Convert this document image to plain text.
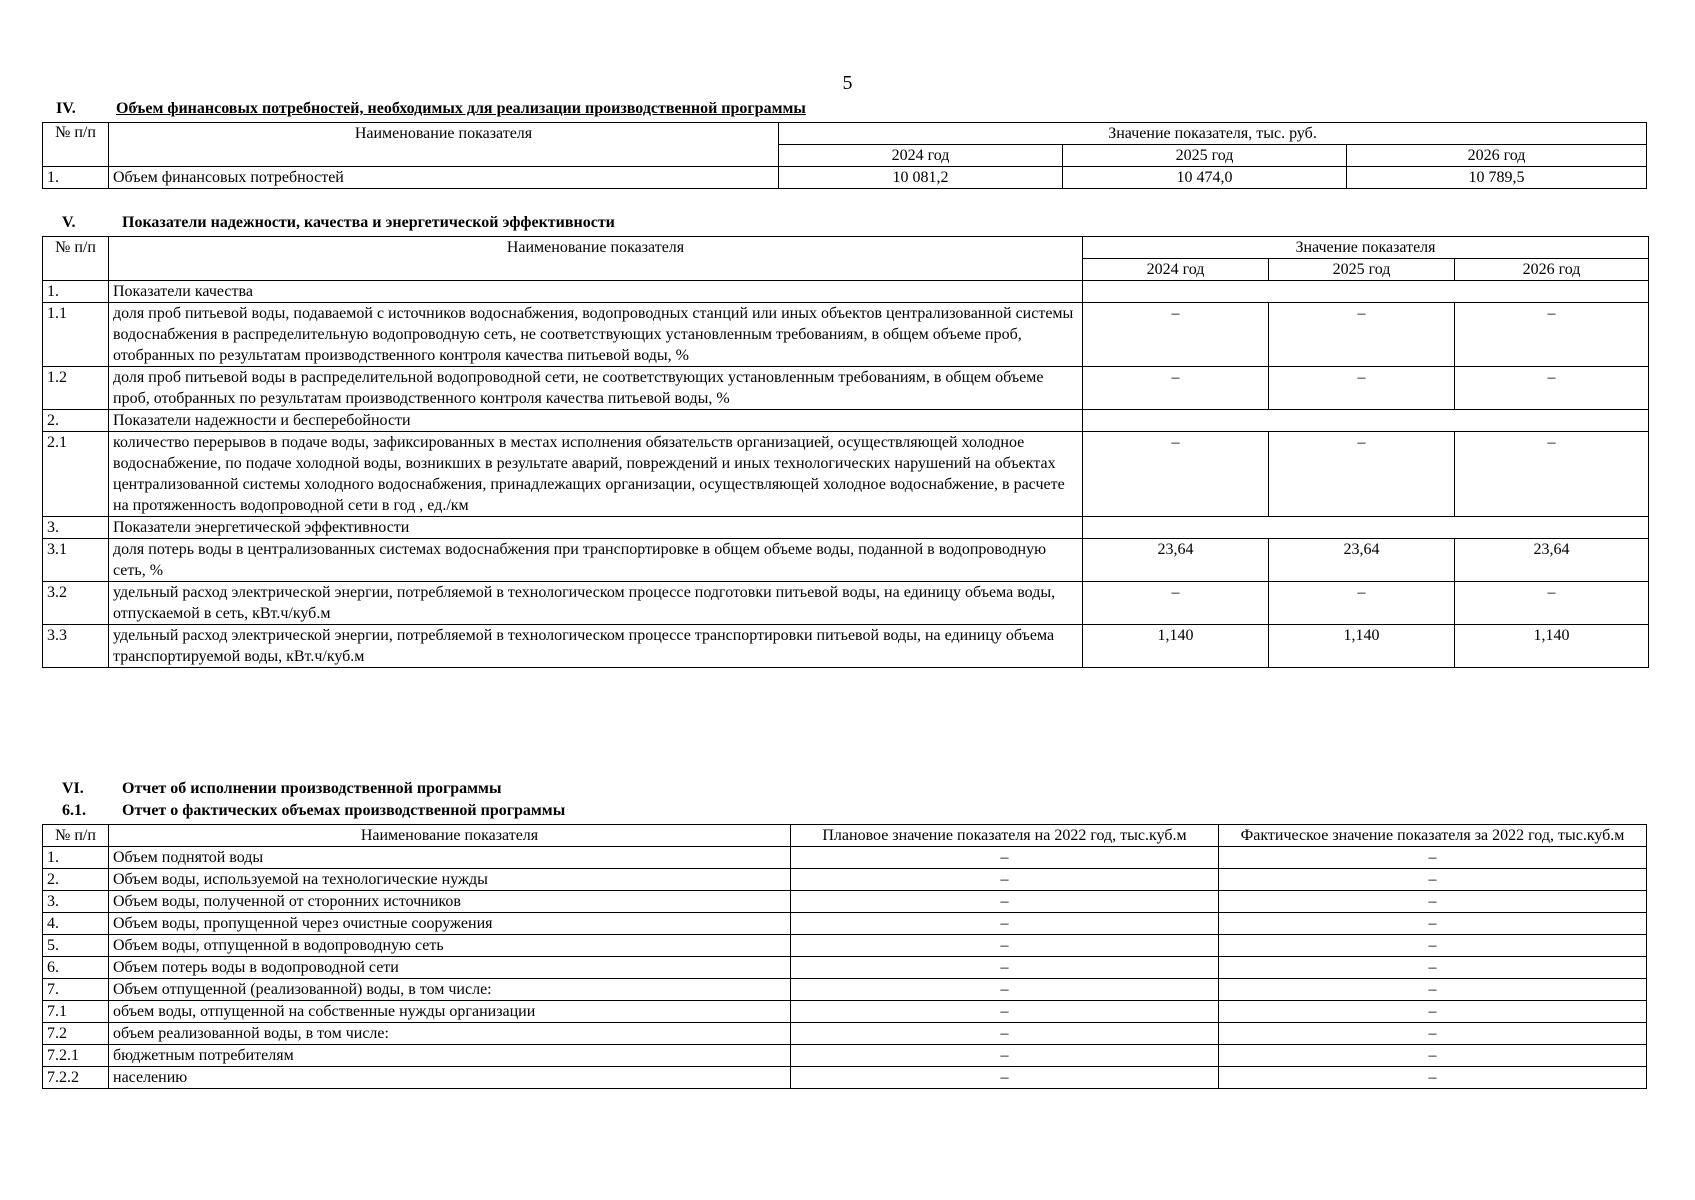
5
IV.	Объем финансовых потребностей, необходимых для реализации производственной программы
№ п/п	Наименование показателя	Значение показателя, тыс. руб.		
		2024 год	2025 год	2026 год
1.	Объем финансовых потребностей	10 081,2	10 474,0	10 789,5
V.	Показатели надежности, качества и энергетической эффективности
№ п/п	Наименование показателя	Значение показателя		
		2024 год	2025 год	2026 год
1.	Показатели качества			
1.1	доля проб питьевой воды, подаваемой с источников водоснабжения, водопроводных станций или иных объектов централизованной системы водоснабжения в распределительную водопроводную сеть, не соответствующих установленным требованиям, в общем объеме проб, отобранных по результатам производственного контроля качества питьевой воды, %	–	–	–
1.2	доля проб питьевой воды в распределительной водопроводной сети, не соответствующих установленным требованиям, в общем объеме проб, отобранных по результатам производственного контроля качества питьевой воды, %	–	–	–
2.	Показатели надежности и бесперебойности			
2.1	количество перерывов в подаче воды, зафиксированных в местах исполнения обязательств организацией, осуществляющей холодное водоснабжение, по подаче холодной воды, возникших в результате аварий, повреждений и иных технологических нарушений на объектах централизованной системы холодного водоснабжения, принадлежащих организации, осуществляющей холодное водоснабжение, в расчете на протяженность водопроводной сети в год , ед./км	–	–	–
3.	Показатели энергетической эффективности			
3.1	доля потерь воды в централизованных системах водоснабжения при транспортировке в общем объеме воды, поданной в водопроводную сеть, %	23,64	23,64	23,64
3.2	удельный расход электрической энергии, потребляемой в технологическом процессе подготовки питьевой воды, на единицу объема воды, отпускаемой в сеть, кВт.ч/куб.м	–	–	–
3.3	удельный расход электрической энергии, потребляемой в технологическом процессе транспортировки питьевой воды, на единицу объема транспортируемой воды, кВт.ч/куб.м	1,140	1,140	1,140
VI. Отчет об исполнении производственной программы
6.1. Отчет о фактических объемах производственной программы
№ п/п	Наименование показателя	Плановое значение показателя на 2022 год, тыс.куб.м	Фактическое значение показателя за 2022 год, тыс.куб.м
1.	Объем поднятой воды	–	–
2.	Объем воды, используемой на технологические нужды	–	–
3.	Объем воды, полученной от сторонних источников	–	–
4.	Объем воды, пропущенной через очистные сооружения	–	–
5.	Объем воды, отпущенной в водопроводную сеть	–	–
6.	Объем потерь воды в водопроводной сети	–	–
7.	Объем отпущенной (реализованной) воды, в том числе:	–	–
7.1	объем воды, отпущенной на собственные нужды организации	–	–
7.2	объем реализованной воды, в том числе:	–	–
7.2.1	бюджетным потребителям	–	–
7.2.2	населению	–	–
